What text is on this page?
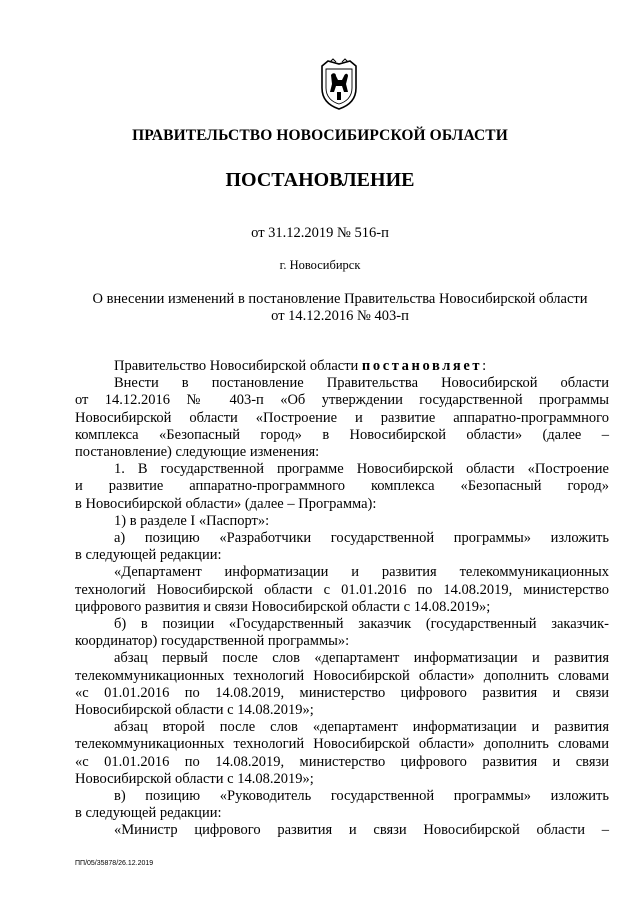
ПРАВИТЕЛЬСТВО НОВОСИБИРСКОЙ ОБЛАСТИ
ПОСТАНОВЛЕНИЕ
от 31.12.2019 № 516-п
г. Новосибирск
О внесении изменений в постановление Правительства Новосибирской области
от 14.12.2016 № 403-п

Правительство Новосибирской области постановляет:

Внести в постановление Правительства Новосибирской области

от 14.12.2016 № 403-п «Об утверждении государственной программы

Новосибирской области «Построение и развитие аппаратно-программного

комплекса «Безопасный город» в Новосибирской области» (далее –

постановление) следующие изменения:

1. В государственной программе Новосибирской области «Построение

и развитие аппаратно-программного комплекса «Безопасный город»

в Новосибирской области» (далее – Программа):

1) в разделе I «Паспорт»:

а) позицию «Разработчики государственной программы» изложить

в следующей редакции:

«Департамент информатизации и развития телекоммуникационных

технологий Новосибирской области с 01.01.2016 по 14.08.2019, министерство

цифрового развития и связи Новосибирской области с 14.08.2019»;

б) в позиции «Государственный заказчик (государственный заказчик-

координатор) государственной программы»:

абзац первый после слов «департамент информатизации и развития

телекоммуникационных технологий Новосибирской области» дополнить словами

«с 01.01.2016 по 14.08.2019, министерство цифрового развития и связи

Новосибирской области с 14.08.2019»;

абзац второй после слов «департамент информатизации и развития

телекоммуникационных технологий Новосибирской области» дополнить словами

«с 01.01.2016 по 14.08.2019, министерство цифрового развития и связи

Новосибирской области с 14.08.2019»;

в) позицию «Руководитель государственной программы» изложить

в следующей редакции:

«Министр цифрового развития и связи Новосибирской области –

ПП/05/35878/26.12.2019
